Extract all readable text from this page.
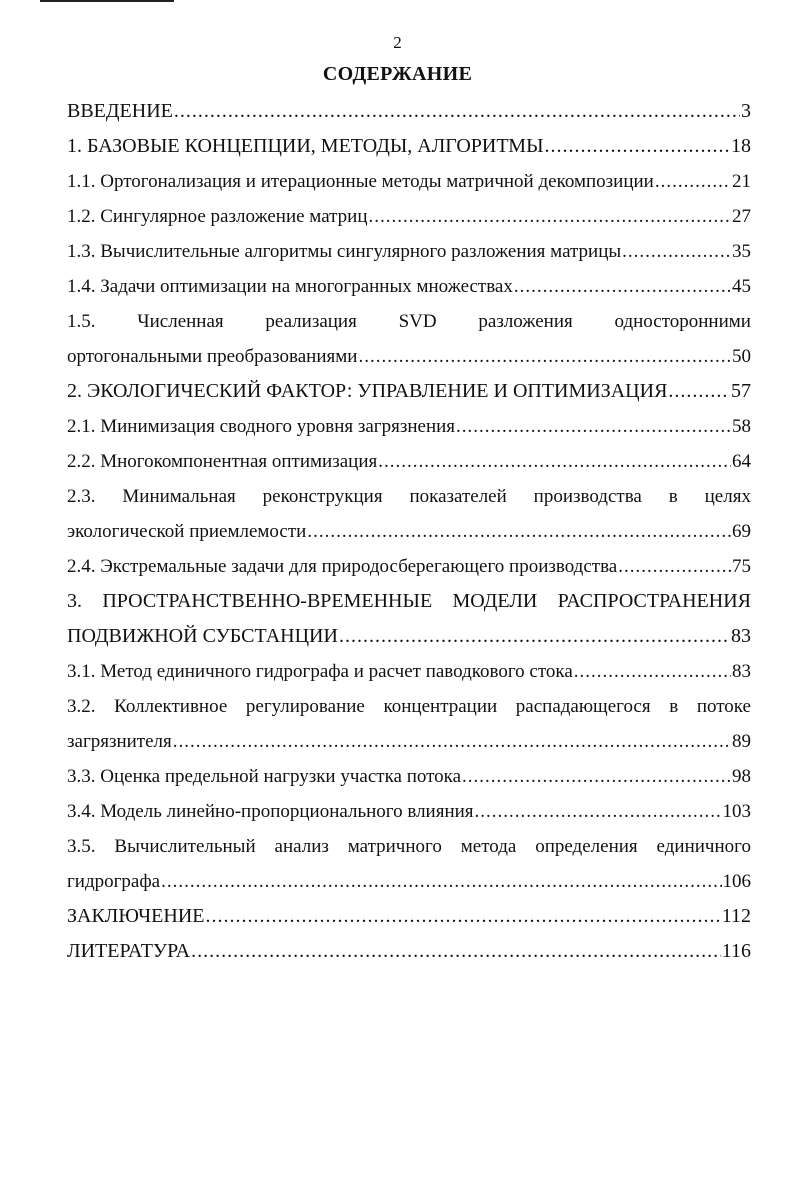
2
СОДЕРЖАНИЕ
ВВЕДЕНИЕ .....	3
1. БАЗОВЫЕ КОНЦЕПЦИИ, МЕТОДЫ, АЛГОРИТМЫ .....	18
1.1. Ортогонализация и итерационные методы матричной декомпозиции .....	21
1.2. Сингулярное разложение матриц .....	27
1.3. Вычислительные алгоритмы сингулярного разложения матрицы .....	35
1.4. Задачи оптимизации на многогранных множествах .....	45
1.5. Численная реализация SVD разложения односторонними
ортогональными преобразованиями .....	50
2. ЭКОЛОГИЧЕСКИЙ ФАКТОР: УПРАВЛЕНИЕ И ОПТИМИЗАЦИЯ .....	57
2.1. Минимизация сводного уровня загрязнения .....	58
2.2. Многокомпонентная оптимизация .....	64
2.3. Минимальная реконструкция показателей производства в целях
экологической приемлемости .....	69
2.4. Экстремальные задачи для природосберегающего производства .....	75
3. ПРОСТРАНСТВЕННО-ВРЕМЕННЫЕ МОДЕЛИ РАСПРОСТРАНЕНИЯ
ПОДВИЖНОЙ СУБСТАНЦИИ .....	83
3.1. Метод единичного гидрографа и расчет паводкового стока .....	83
3.2. Коллективное регулирование концентрации распадающегося в потоке
загрязнителя .....	89
3.3. Оценка предельной нагрузки участка потока .....	98
3.4. Модель линейно-пропорционального влияния .....	103
3.5. Вычислительный анализ матричного метода определения единичного
гидрографа .....	106
ЗАКЛЮЧЕНИЕ .....	112
ЛИТЕРАТУРА .....	116
